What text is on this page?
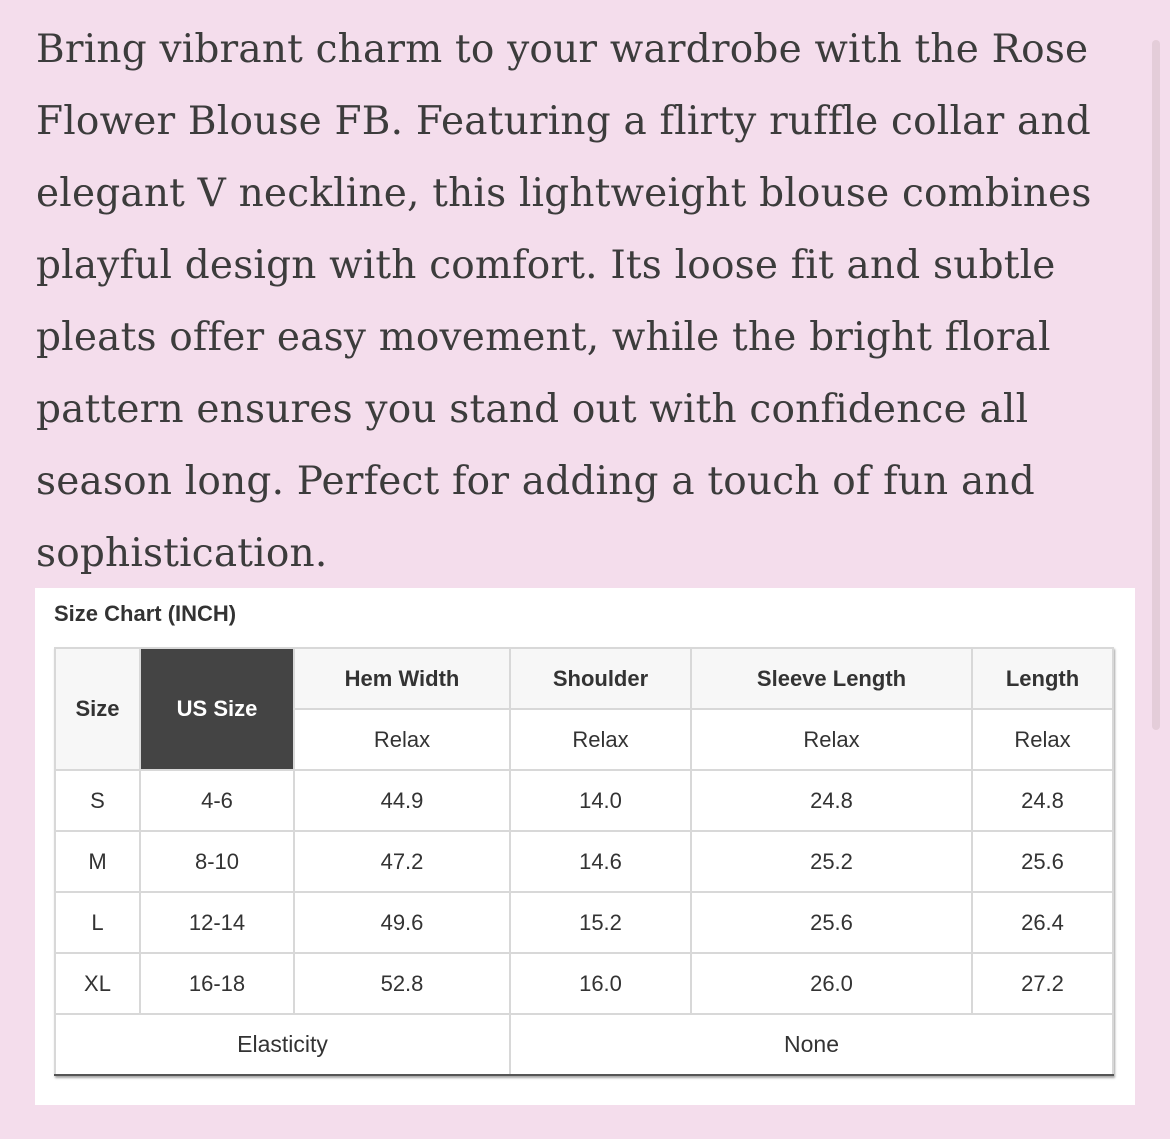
Bring vibrant charm to your wardrobe with the Rose Flower Blouse FB. Featuring a flirty ruffle collar and elegant V neckline, this lightweight blouse combines playful design with comfort. Its loose fit and subtle pleats offer easy movement, while the bright floral pattern ensures you stand out with confidence all season long. Perfect for adding a touch of fun and sophistication.

Size Chart (INCH)
Size	US Size	Hem Width	Shoulder	Sleeve Length	Length
		Relax	Relax	Relax	Relax
S	4-6	44.9	14.0	24.8	24.8
M	8-10	47.2	14.6	25.2	25.6
L	12-14	49.6	15.2	25.6	26.4
XL	16-18	52.8	16.0	26.0	27.2
Elasticity			None		
